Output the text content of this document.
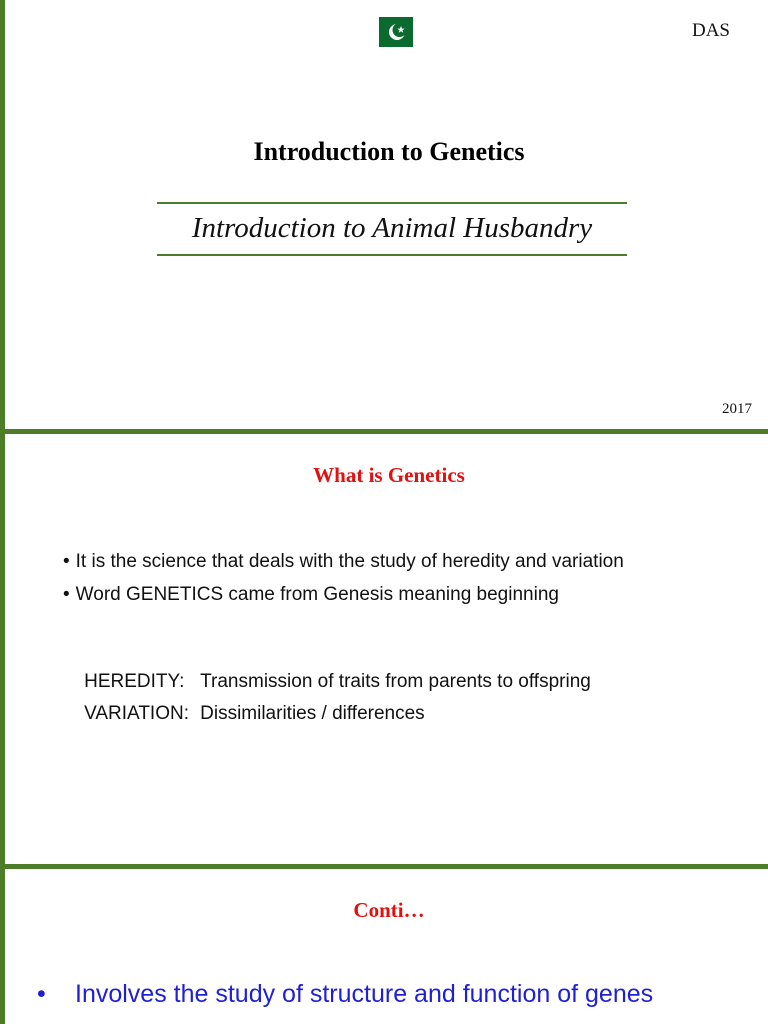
DAS
Introduction to Genetics
Introduction to Animal Husbandry
2017
What is Genetics
• It is the science that deals with the study of heredity and variation
• Word GENETICS came from Genesis meaning beginning

HEREDITY: Transmission of traits from parents to offspring

VARIATION: Dissimilarities / differences

Conti…
• Involves the study of structure and function of genes
